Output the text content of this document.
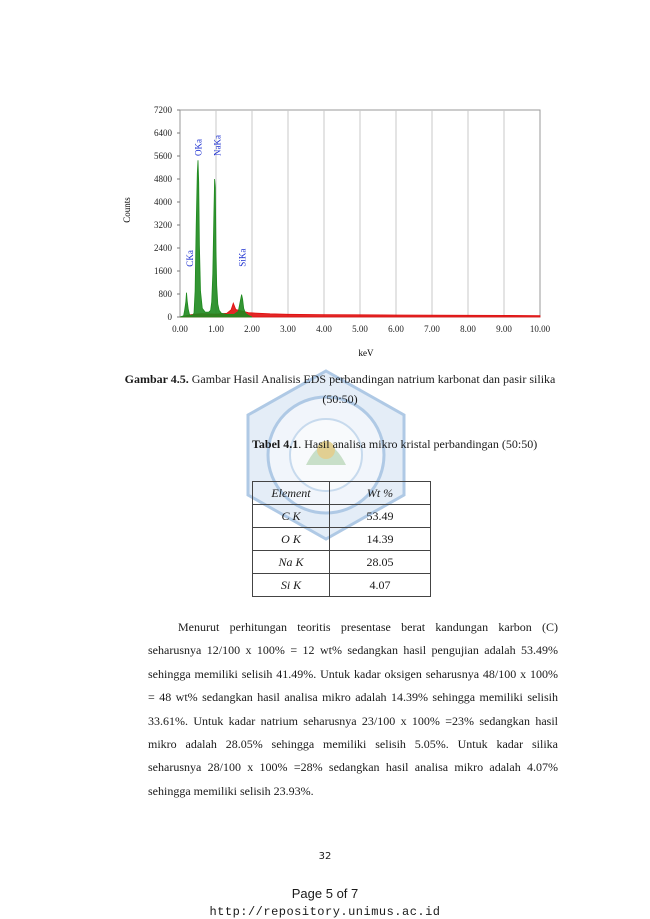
0.00 1.00 2.00 3.00 4.00 5.00 6.00 7.00 8.00 9.00 10.00
0
800
1600
2400
3200
4000
4800
5600
6400
7200
OKa NaKa
CKa	SiKa
Counts
keV
Gambar 4.5. Gambar Hasil Analisis EDS perbandingan natrium karbonat dan pasir silika (50:50)
Tabel 4.1. Hasil analisa mikro kristal perbandingan (50:50)
Element	Wt %
C K	53.49
O K	14.39
Na K	28.05
Si K	4.07

Menurut perhitungan teoritis presentase berat kandungan karbon (C) seharusnya 12/100 x 100% = 12 wt% sedangkan hasil pengujian adalah 53.49% sehingga memiliki selisih 41.49%. Untuk kadar oksigen seharusnya 48/100 x 100% = 48 wt% sedangkan hasil analisa mikro adalah 14.39% sehingga memiliki selisih 33.61%. Untuk kadar natrium seharusnya 23/100 x 100% =23% sedangkan hasil mikro adalah 28.05% sehingga memiliki selisih 5.05%. Untuk kadar silika seharusnya 28/100 x 100% =28% sedangkan hasil analisa mikro adalah 4.07% sehingga memiliki selisih 23.93%.

32
Page 5 of 7
http://repository.unimus.ac.id
